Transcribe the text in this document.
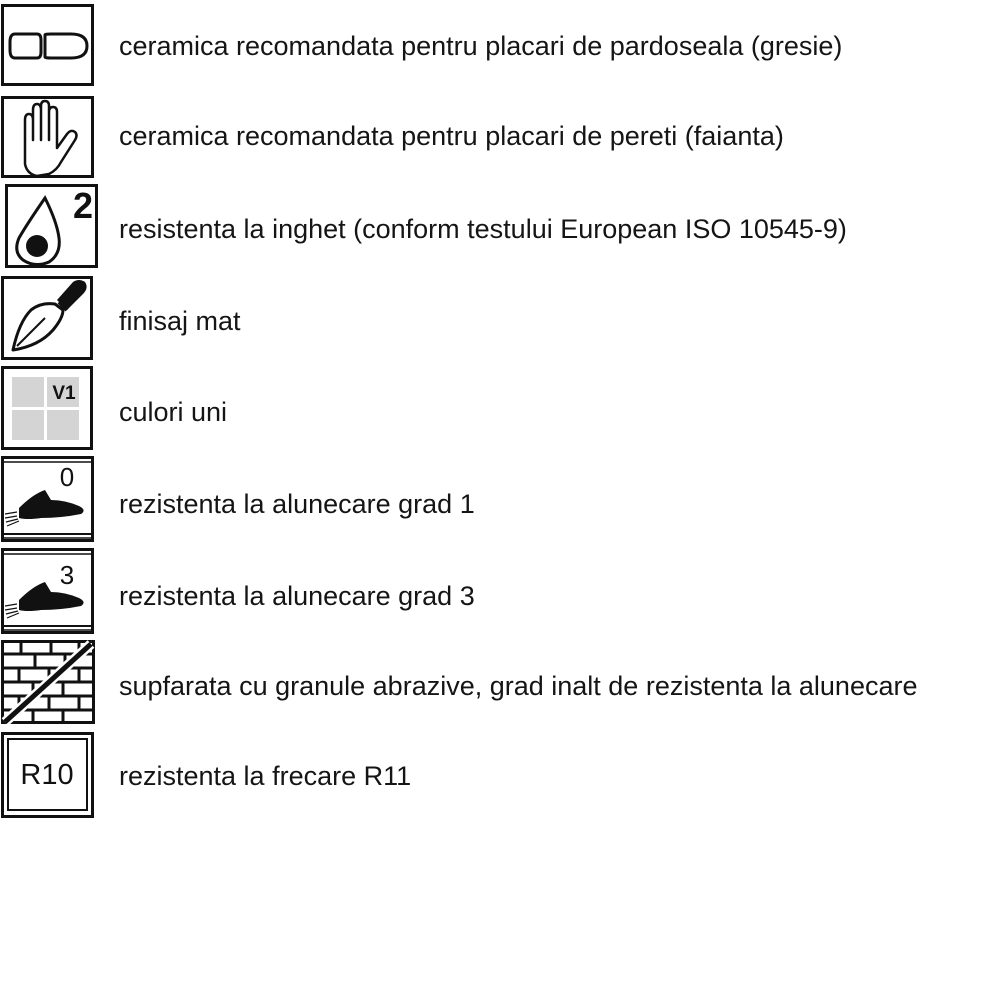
ceramica recomandata pentru placari de pardoseala (gresie)
ceramica recomandata pentru placari de pereti (faianta)
2
resistenta la inghet (conform testului European ISO 10545-9)
finisaj mat
V1
culori uni
0
rezistenta la alunecare grad 1
3
rezistenta la alunecare grad 3
supfarata cu granule abrazive, grad inalt de rezistenta la alunecare
R10 rezistenta la frecare R11
